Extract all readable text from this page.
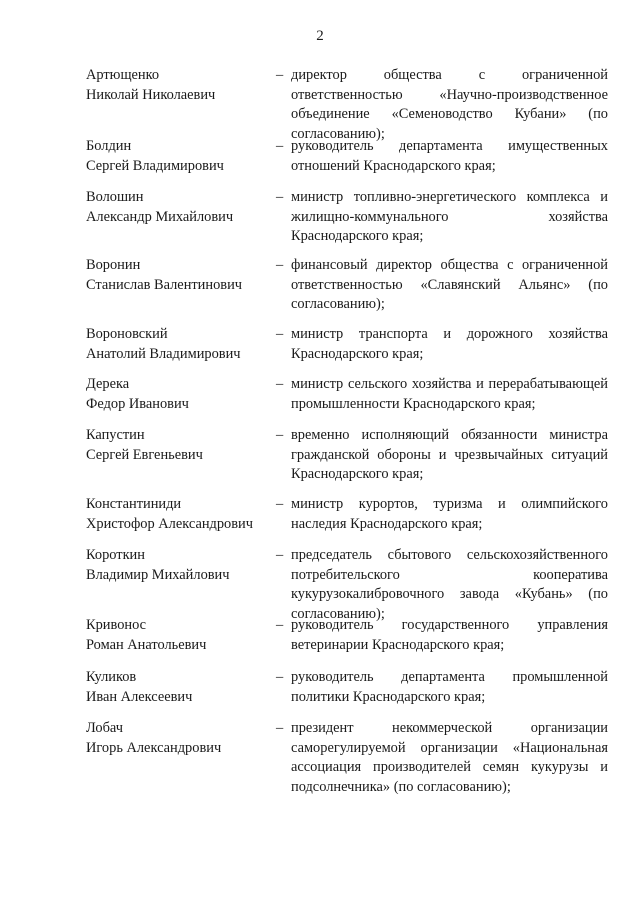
2
Артющенко
Николай Николаевич
– директор общества с ограниченной ответственностью «Научно-производственное объединение «Семеноводство Кубани» (по согласованию);
Болдин
Сергей Владимирович
– руководитель департамента имущественных отношений Краснодарского края;
Волошин
Александр Михайлович
– министр топливно-энергетического комплекса и жилищно-коммунального хозяйства Краснодарского края;
Воронин
Станислав Валентинович
– финансовый директор общества с ограниченной ответственностью «Славянский Альянс» (по согласованию);
Вороновский
Анатолий Владимирович
– министр транспорта и дорожного хозяйства Краснодарского края;
Дерека
Федор Иванович
– министр сельского хозяйства и перерабатывающей промышленности Краснодарского края;
Капустин
Сергей Евгеньевич
– временно исполняющий обязанности министра гражданской обороны и чрезвычайных ситуаций Краснодарского края;
Константиниди
Христофор Александрович
– министр курортов, туризма и олимпийского наследия Краснодарского края;
Короткин
Владимир Михайлович
– председатель сбытового сельскохозяйственного потребительского кооператива кукурузокалибровочного завода «Кубань» (по согласованию);
Кривонос
Роман Анатольевич
– руководитель государственного управления ветеринарии Краснодарского края;
Куликов
Иван Алексеевич
– руководитель департамента промышленной политики Краснодарского края;
Лобач
Игорь Александрович
– президент некоммерческой организации саморегулируемой организации «Национальная ассоциация производителей семян кукурузы и подсолнечника» (по согласованию);
